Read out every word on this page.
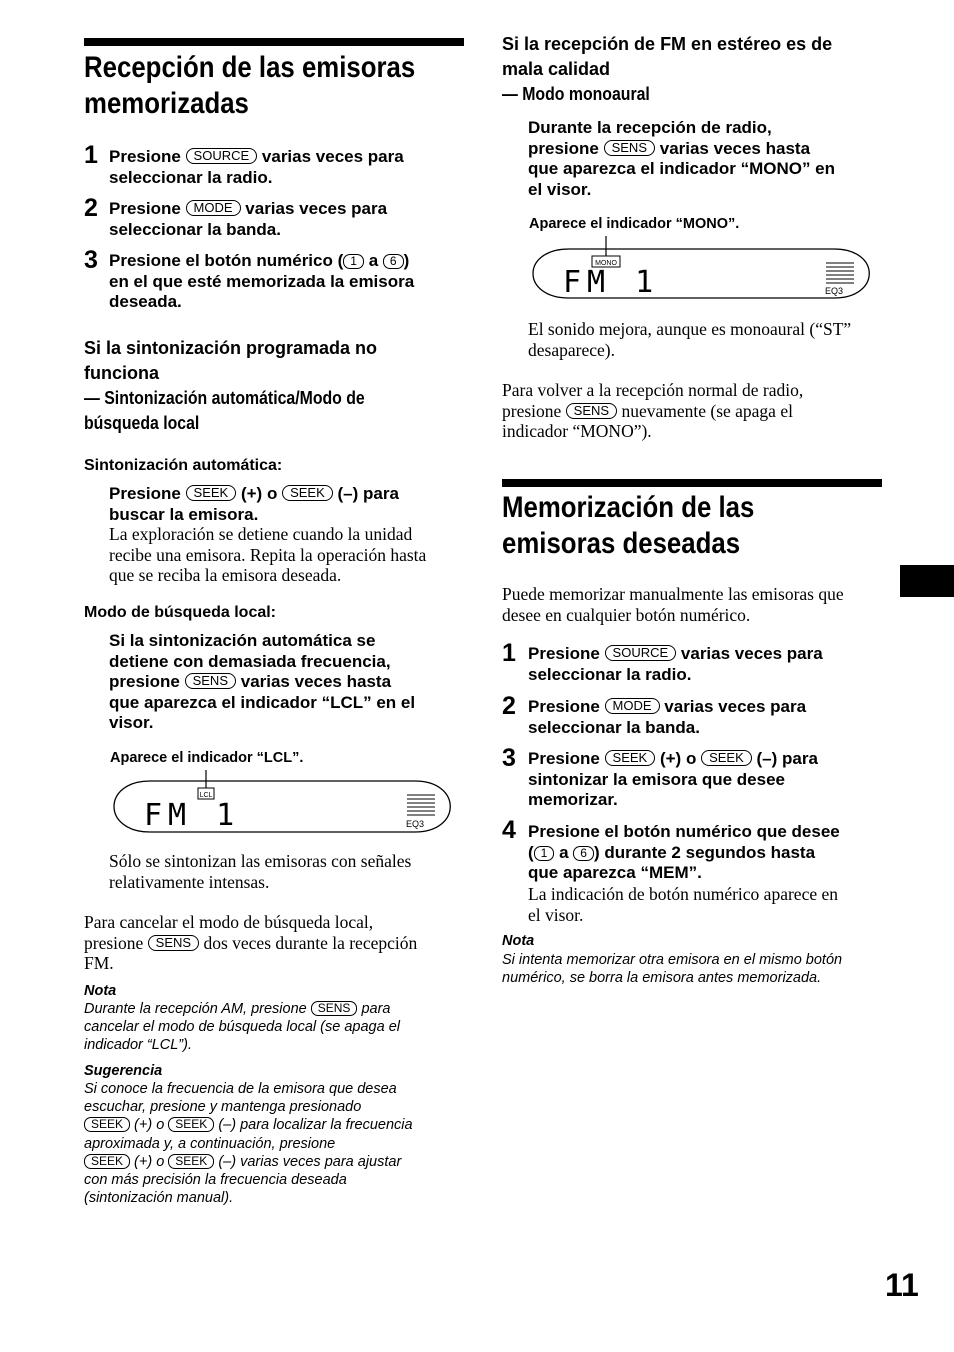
Recepción de las emisoras
memorizadas
1 Presione SOURCE varias veces para
seleccionar la radio.
2 Presione MODE varias veces para
seleccionar la banda.
3 Presione el botón numérico ( 1 a 6 )
en el que esté memorizada la emisora
deseada.
Si la sintonización programada no
funciona
— Sintonización automática/Modo de
búsqueda local
Sintonización automática:
Presione SEEK (+) o SEEK (–) para
buscar la emisora.
La exploración se detiene cuando la unidad
recibe una emisora. Repita la operación hasta
que se reciba la emisora deseada.
Modo de búsqueda local:
Si la sintonización automática se
detiene con demasiada frecuencia,
presione SENS varias veces hasta
que aparezca el indicador “LCL” en el
visor.
Aparece el indicador “LCL”.
LCL
FM 1	EQ3
Sólo se sintonizan las emisoras con señales
relativamente intensas.
Para cancelar el modo de búsqueda local,
presione SENS dos veces durante la recepción
FM.
Nota
Durante la recepción AM, presione SENS para
cancelar el modo de búsqueda local (se apaga el
indicador “LCL”).
Sugerencia
Si conoce la frecuencia de la emisora que desea
escuchar, presione y mantenga presionado
SEEK (+) o SEEK (–) para localizar la frecuencia
aproximada y, a continuación, presione
SEEK (+) o SEEK (–) varias veces para ajustar
con más precisión la frecuencia deseada
(sintonización manual).
Si la recepción de FM en estéreo es de
mala calidad
— Modo monoaural
Durante la recepción de radio,
presione SENS varias veces hasta
que aparezca el indicador “MONO” en
el visor.
Aparece el indicador “MONO”.
MONO
FM 1	EQ3
El sonido mejora, aunque es monoaural (“ST”
desaparece).
Para volver a la recepción normal de radio,
presione SENS nuevamente (se apaga el
indicador “MONO”).
Memorización de las
emisoras deseadas
Puede memorizar manualmente las emisoras que
desee en cualquier botón numérico.
1 Presione SOURCE varias veces para
seleccionar la radio.
2 Presione MODE varias veces para
seleccionar la banda.
3 Presione SEEK (+) o SEEK (–) para
sintonizar la emisora que desee
memorizar.
4 Presione el botón numérico que desee
( 1 a 6 ) durante 2 segundos hasta
que aparezca “MEM”.
La indicación de botón numérico aparece en
el visor.
Nota
Si intenta memorizar otra emisora en el mismo botón
numérico, se borra la emisora antes memorizada.
11
